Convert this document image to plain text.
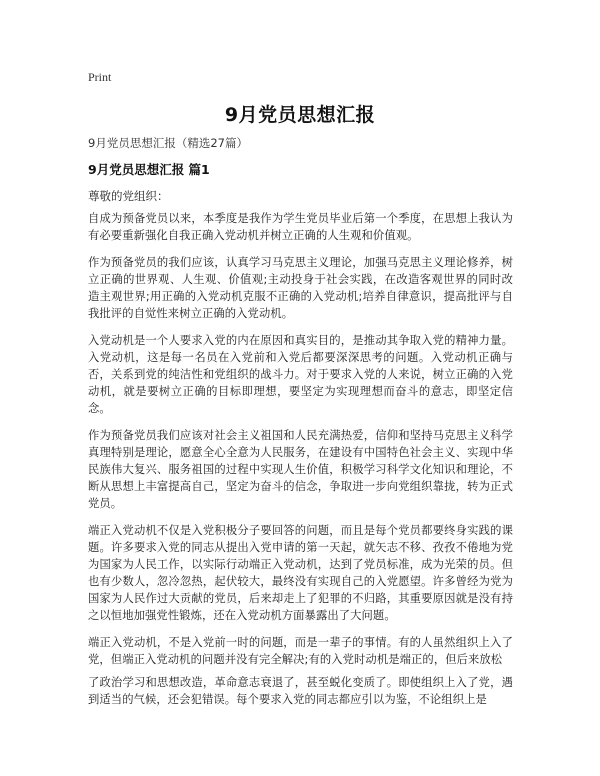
Print
9月党员思想汇报
9月党员思想汇报（精选27篇）
9月党员思想汇报 篇1
尊敬的党组织：

自成为预备党员以来，本季度是我作为学生党员毕业后第一个季度，在思想上我认为有必要重新强化自我正确入党动机并树立正确的人生观和价值观。

作为预备党员的我们应该，认真学习马克思主义理论，加强马克思主义理论修养，树立正确的世界观、人生观、价值观;主动投身于社会实践，在改造客观世界的同时改造主观世界;用正确的入党动机克服不正确的入党动机;培养自律意识，提高批评与自我批评的自觉性来树立正确的入党动机。

入党动机是一个人要求入党的内在原因和真实目的，是推动其争取入党的精神力量。入党动机，这是每一名员在入党前和入党后都要深深思考的问题。入党动机正确与否，关系到党的纯洁性和党组织的战斗力。对于要求入党的人来说，树立正确的入党动机，就是要树立正确的目标即理想，要坚定为实现理想而奋斗的意志，即坚定信念。

作为预备党员我们应该对社会主义祖国和人民充满热爱，信仰和坚持马克思主义科学真理特别是理论，愿意全心全意为人民服务，在建设有中国特色社会主义、实现中华民族伟大复兴、服务祖国的过程中实现人生价值，积极学习科学文化知识和理论，不断从思想上丰富提高自己，坚定为奋斗的信念，争取进一步向党组织靠拢，转为正式党员。

端正入党动机不仅是入党积极分子要回答的问题，而且是每个党员都要终身实践的课题。许多要求入党的同志从提出入党申请的第一天起，就矢志不移、孜孜不倦地为党为国家为人民工作，以实际行动端正入党动机，达到了党员标准，成为光荣的员。但也有少数人，忽冷忽热，起伏较大，最终没有实现自己的入党愿望。许多曾经为党为国家为人民作过大贡献的党员，后来却走上了犯罪的不归路，其重要原因就是没有持之以恒地加强党性锻炼，还在入党动机方面暴露出了大问题。

端正入党动机，不是入党前一时的问题，而是一辈子的事情。有的人虽然组织上入了党，但端正入党动机的问题并没有完全解决;有的入党时动机是端正的，但后来放松

了政治学习和思想改造，革命意志衰退了，甚至蜕化变质了。即使组织上入了党，遇到适当的气候，还会犯错误。每个要求入党的同志都应引以为鉴，不论组织上是
